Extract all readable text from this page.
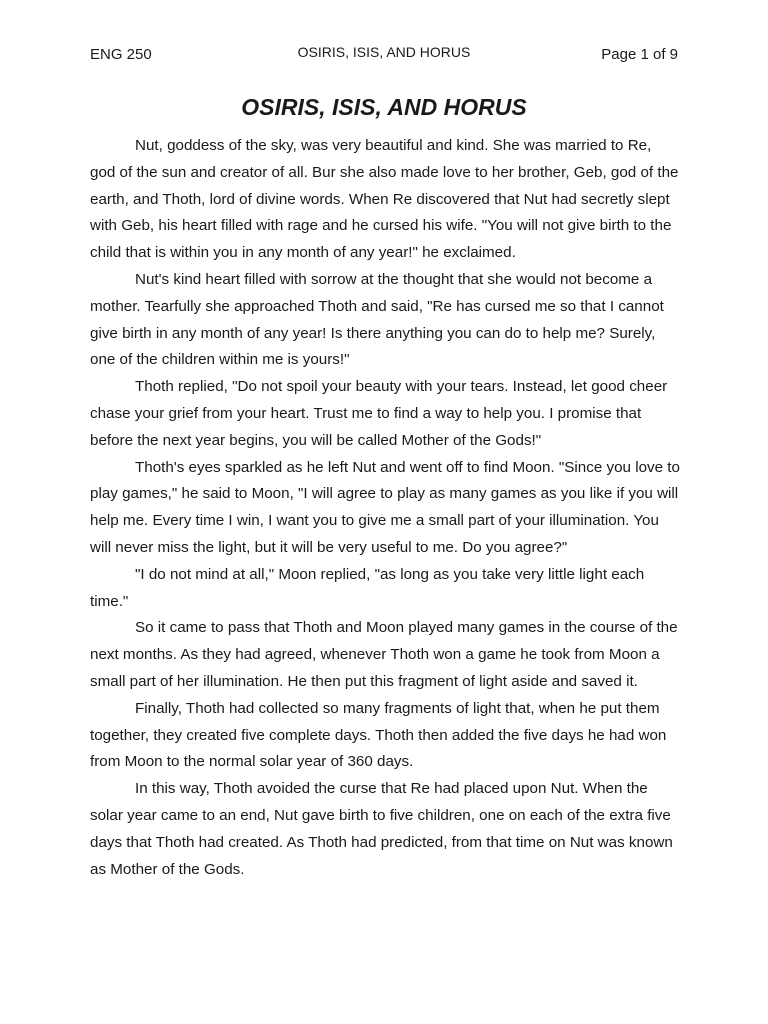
ENG 250	OSIRIS, ISIS, AND HORUS	Page 1 of 9
OSIRIS, ISIS, AND HORUS

Nut, goddess of the sky, was very beautiful and kind. She was married to Re, god of the sun and creator of all. Bur she also made love to her brother, Geb, god of the earth, and Thoth, lord of divine words. When Re discovered that Nut had secretly slept with Geb, his heart filled with rage and he cursed his wife. "You will not give birth to the child that is within you in any month of any year!" he exclaimed.

Nut's kind heart filled with sorrow at the thought that she would not become a mother. Tearfully she approached Thoth and said, "Re has cursed me so that I cannot give birth in any month of any year! Is there anything you can do to help me? Surely, one of the children within me is yours!"

Thoth replied, "Do not spoil your beauty with your tears. Instead, let good cheer chase your grief from your heart. Trust me to find a way to help you. I promise that before the next year begins, you will be called Mother of the Gods!"

Thoth's eyes sparkled as he left Nut and went off to find Moon. "Since you love to play games," he said to Moon, "I will agree to play as many games as you like if you will help me. Every time I win, I want you to give me a small part of your illumination. You will never miss the light, but it will be very useful to me. Do you agree?"

"I do not mind at all," Moon replied, "as long as you take very little light each time."

So it came to pass that Thoth and Moon played many games in the course of the next months. As they had agreed, whenever Thoth won a game he took from Moon a small part of her illumination. He then put this fragment of light aside and saved it.

Finally, Thoth had collected so many fragments of light that, when he put them together, they created five complete days. Thoth then added the five days he had won from Moon to the normal solar year of 360 days.

In this way, Thoth avoided the curse that Re had placed upon Nut. When the solar year came to an end, Nut gave birth to five children, one on each of the extra five days that Thoth had created. As Thoth had predicted, from that time on Nut was known as Mother of the Gods.
